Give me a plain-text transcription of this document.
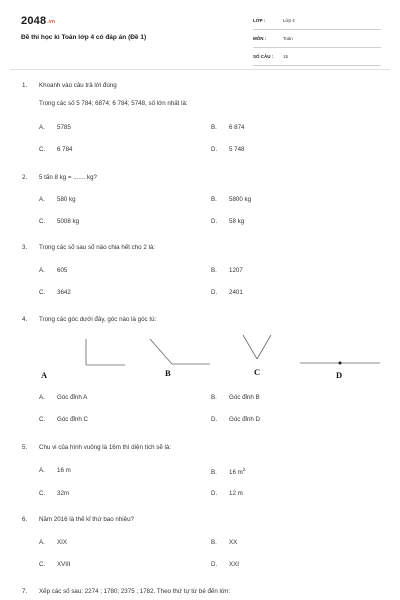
2048.vn
Đề thi học kì Toán lớp 4 có đáp án (Đề 1)
LỚP :	Lớp 4
MÔN :	Toán
SỐ CÂU : 15
1. Khoanh vào câu trả lời đúng
Trong các số 5 784; 6874; 6 784; 5748, số lớn nhất là:
A. 5785	B. 6 874
C. 6 784	D. 5 748
2. 5 tấn 8 kg = ....... kg?
A. 580 kg	B. 5800 kg
C. 5008 kg	D. 58 kg
3. Trong các số sau số nào chia hết cho 2 là:
A. 605	B. 1207
C. 3642	D. 2401
4. Trong các góc dưới đây, góc nào là góc tù:
A	B	C	D
A. Góc đỉnh A	B. Góc đỉnh B
C. Góc đỉnh C	D. Góc đỉnh D
5. Chu vi của hình vuông là 16m thì diện tích sẽ là:
A. 16 m	B. 16 $m^2$
C. 32m	D. 12 m
6. Năm 2016 là thế kỉ thứ bao nhiêu?
A. XIX	B. XX
C. XVIII	D. XXI
7. Xếp các số sau: 2274 ; 1780; 2375 ; 1782. Theo thứ tự từ bé đến lớn:
